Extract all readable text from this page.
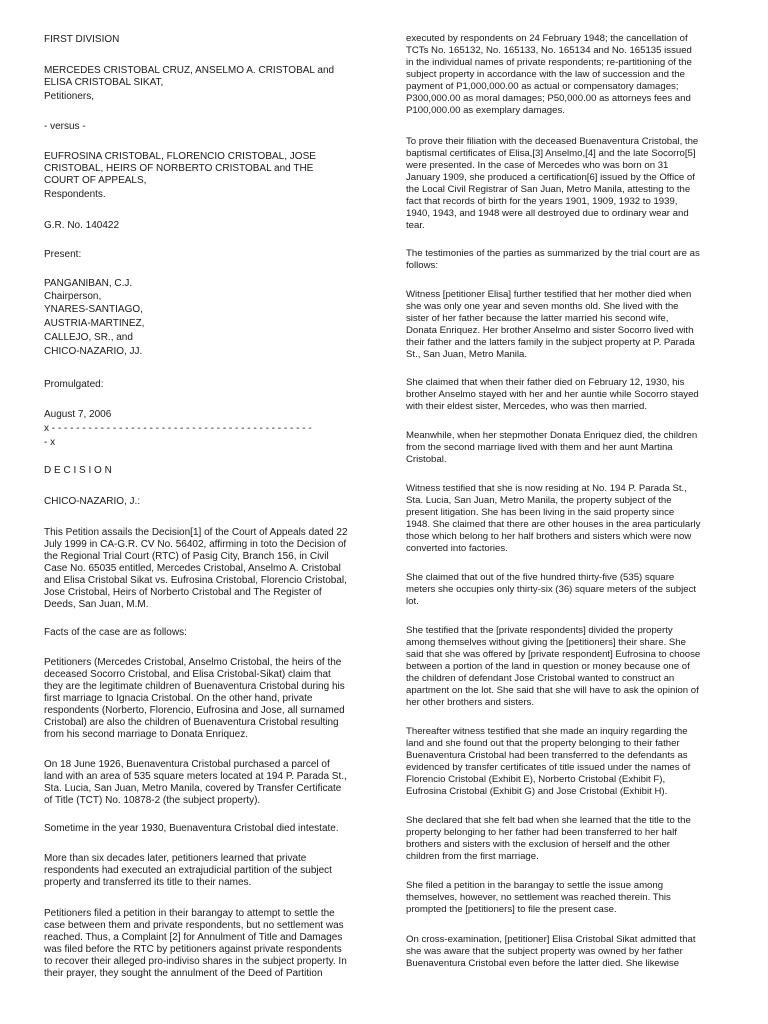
FIRST DIVISION
MERCEDES CRISTOBAL CRUZ, ANSELMO A. CRISTOBAL and
ELISA CRISTOBAL SIKAT,
Petitioners,
- versus -
EUFROSINA CRISTOBAL, FLORENCIO CRISTOBAL, JOSE
CRISTOBAL, HEIRS OF NORBERTO CRISTOBAL and THE
COURT OF APPEALS,
Respondents.
G.R. No. 140422
Present:
PANGANIBAN, C.J.
Chairperson,
YNARES-SANTIAGO,
AUSTRIA-MARTINEZ,
CALLEJO, SR., and
CHICO-NAZARIO, JJ.
Promulgated:
August 7, 2006
x - - - - - - - - - - - - - - - - - - - - - - - - - - - - - - - - - - - - - - - - - - -
- x
D E C I S I O N
CHICO-NAZARIO, J.:
This Petition assails the Decision[1] of the Court of Appeals dated 22
July 1999 in CA-G.R. CV No. 56402, affirming in toto the Decision of
the Regional Trial Court (RTC) of Pasig City, Branch 156, in Civil
Case No. 65035 entitled, Mercedes Cristobal, Anselmo A. Cristobal
and Elisa Cristobal Sikat vs. Eufrosina Cristobal, Florencio Cristobal,
Jose Cristobal, Heirs of Norberto Cristobal and The Register of
Deeds, San Juan, M.M.
Facts of the case are as follows:
Petitioners (Mercedes Cristobal, Anselmo Cristobal, the heirs of the
deceased Socorro Cristobal, and Elisa Cristobal-Sikat) claim that
they are the legitimate children of Buenaventura Cristobal during his
first marriage to Ignacia Cristobal. On the other hand, private
respondents (Norberto, Florencio, Eufrosina and Jose, all surnamed
Cristobal) are also the children of Buenaventura Cristobal resulting
from his second marriage to Donata Enriquez.
On 18 June 1926, Buenaventura Cristobal purchased a parcel of
land with an area of 535 square meters located at 194 P. Parada St.,
Sta. Lucia, San Juan, Metro Manila, covered by Transfer Certificate
of Title (TCT) No. 10878-2 (the subject property).
Sometime in the year 1930, Buenaventura Cristobal died intestate.
More than six decades later, petitioners learned that private
respondents had executed an extrajudicial partition of the subject
property and transferred its title to their names.
Petitioners filed a petition in their barangay to attempt to settle the
case between them and private respondents, but no settlement was
reached. Thus, a Complaint [2] for Annulment of Title and Damages
was filed before the RTC by petitioners against private respondents
to recover their alleged pro-indiviso shares in the subject property. In
their prayer, they sought the annulment of the Deed of Partition
executed by respondents on 24 February 1948; the cancellation of
TCTs No. 165132, No. 165133, No. 165134 and No. 165135 issued
in the individual names of private respondents; re-partitioning of the
subject property in accordance with the law of succession and the
payment of P1,000,000.00 as actual or compensatory damages;
P300,000.00 as moral damages; P50,000.00 as attorneys fees and
P100,000.00 as exemplary damages.
To prove their filiation with the deceased Buenaventura Cristobal, the
baptismal certificates of Elisa,[3] Anselmo,[4] and the late Socorro[5]
were presented. In the case of Mercedes who was born on 31
January 1909, she produced a certification[6] issued by the Office of
the Local Civil Registrar of San Juan, Metro Manila, attesting to the
fact that records of birth for the years 1901, 1909, 1932 to 1939,
1940, 1943, and 1948 were all destroyed due to ordinary wear and
tear.
The testimonies of the parties as summarized by the trial court are as
follows:
Witness [petitioner Elisa] further testified that her mother died when
she was only one year and seven months old. She lived with the
sister of her father because the latter married his second wife,
Donata Enriquez. Her brother Anselmo and sister Socorro lived with
their father and the latters family in the subject property at P. Parada
St., San Juan, Metro Manila.
She claimed that when their father died on February 12, 1930, his
brother Anselmo stayed with her and her auntie while Socorro stayed
with their eldest sister, Mercedes, who was then married.
Meanwhile, when her stepmother Donata Enriquez died, the children
from the second marriage lived with them and her aunt Martina
Cristobal.
Witness testified that she is now residing at No. 194 P. Parada St.,
Sta. Lucia, San Juan, Metro Manila, the property subject of the
present litigation. She has been living in the said property since
1948. She claimed that there are other houses in the area particularly
those which belong to her half brothers and sisters which were now
converted into factories.
She claimed that out of the five hundred thirty-five (535) square
meters she occupies only thirty-six (36) square meters of the subject
lot.
She testified that the [private respondents] divided the property
among themselves without giving the [petitioners] their share. She
said that she was offered by [private respondent] Eufrosina to choose
between a portion of the land in question or money because one of
the children of defendant Jose Cristobal wanted to construct an
apartment on the lot. She said that she will have to ask the opinion of
her other brothers and sisters.
Thereafter witness testified that she made an inquiry regarding the
land and she found out that the property belonging to their father
Buenaventura Cristobal had been transferred to the defendants as
evidenced by transfer certificates of title issued under the names of
Florencio Cristobal (Exhibit E), Norberto Cristobal (Exhibit F),
Eufrosina Cristobal (Exhibit G) and Jose Cristobal (Exhibit H).
She declared that she felt bad when she learned that the title to the
property belonging to her father had been transferred to her half
brothers and sisters with the exclusion of herself and the other
children from the first marriage.
She filed a petition in the barangay to settle the issue among
themselves, however, no settlement was reached therein. This
prompted the [petitioners] to file the present case.
On cross-examination, [petitioner] Elisa Cristobal Sikat admitted that
she was aware that the subject property was owned by her father
Buenaventura Cristobal even before the latter died. She likewise
